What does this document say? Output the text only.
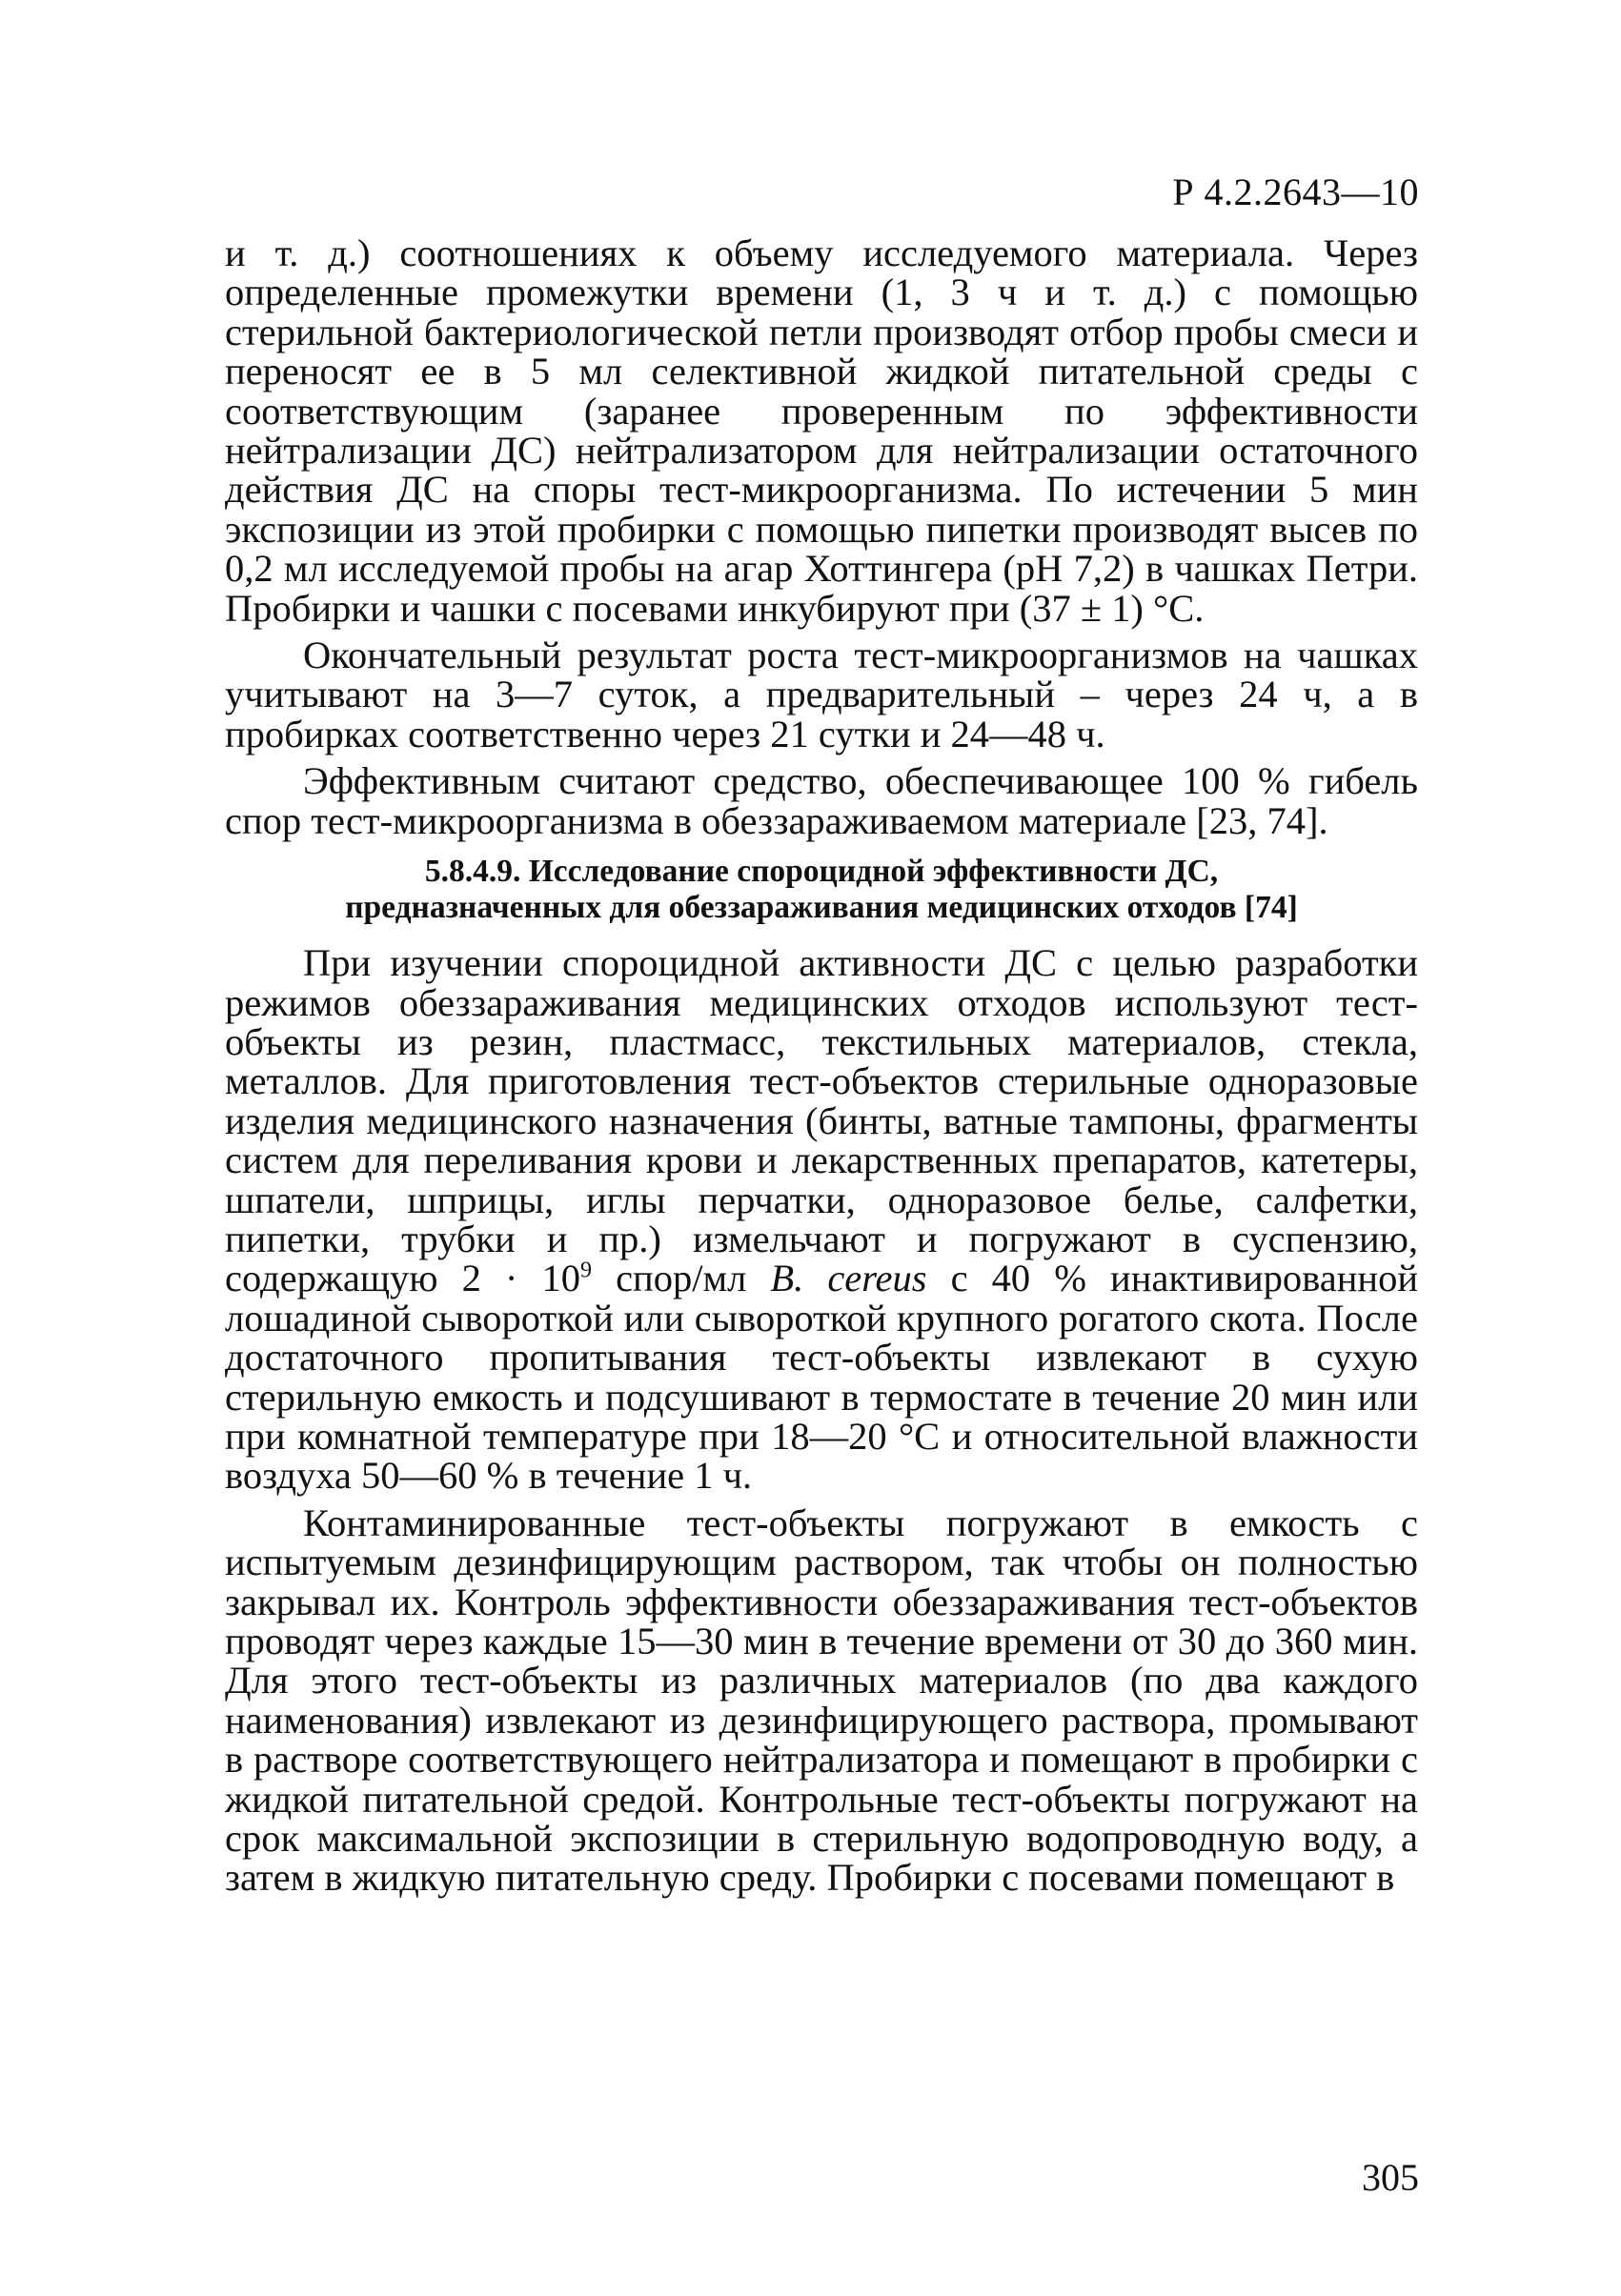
Р 4.2.2643—10

и т. д.) соотношениях к объему исследуемого материала. Через определенные промежутки времени (1, 3 ч и т. д.) с помощью стерильной бактериологической петли производят отбор пробы смеси и переносят ее в 5 мл селективной жидкой питательной среды с соответствующим (заранее проверенным по эффективности нейтрализации ДС) нейтрализатором для нейтрализации остаточного действия ДС на споры тест-микроорганизма. По истечении 5 мин экспозиции из этой пробирки с помощью пипетки производят высев по 0,2 мл исследуемой пробы на агар Хоттингера (pH 7,2) в чашках Петри. Пробирки и чашки с посевами инкубируют при (37 ± 1) °С.

Окончательный результат роста тест-микроорганизмов на чашках учитывают на 3—7 суток, а предварительный – через 24 ч, а в пробирках соответственно через 21 сутки и 24—48 ч.

Эффективным считают средство, обеспечивающее 100 % гибель спор тест-микроорганизма в обеззараживаемом материале [23, 74].

5.8.4.9. Исследование спороцидной эффективности ДС,
предназначенных для обеззараживания медицинских отходов [74]

При изучении спороцидной активности ДС с целью разработки режимов обеззараживания медицинских отходов используют тест-объекты из резин, пластмасс, текстильных материалов, стекла, металлов. Для приготовления тест-объектов стерильные одноразовые изделия медицинского назначения (бинты, ватные тампоны, фрагменты систем для переливания крови и лекарственных препаратов, катетеры, шпатели, шприцы, иглы перчатки, одноразовое белье, салфетки, пипетки, трубки и пр.) измельчают и погружают в суспензию, содержащую $2 \cdot 10^9$ спор/мл B. cereus с 40 % инактивированной лошадиной сывороткой или сывороткой крупного рогатого скота. После достаточного пропитывания тест-объекты извлекают в сухую стерильную емкость и подсушивают в термостате в течение 20 мин или при комнатной температуре при 18—20 °С и относительной влажности воздуха 50—60 % в течение 1 ч.

Контаминированные тест-объекты погружают в емкость с испытуемым дезинфицирующим раствором, так чтобы он полностью закрывал их. Контроль эффективности обеззараживания тест-объектов проводят через каждые 15—30 мин в течение времени от 30 до 360 мин. Для этого тест-объекты из различных материалов (по два каждого наименования) извлекают из дезинфицирующего раствора, промывают в растворе соответствующего нейтрализатора и помещают в пробирки с жидкой питательной средой. Контрольные тест-объекты погружают на срок максимальной экспозиции в стерильную водопроводную воду, а затем в жидкую питательную среду. Пробирки с посевами помещают в

305
